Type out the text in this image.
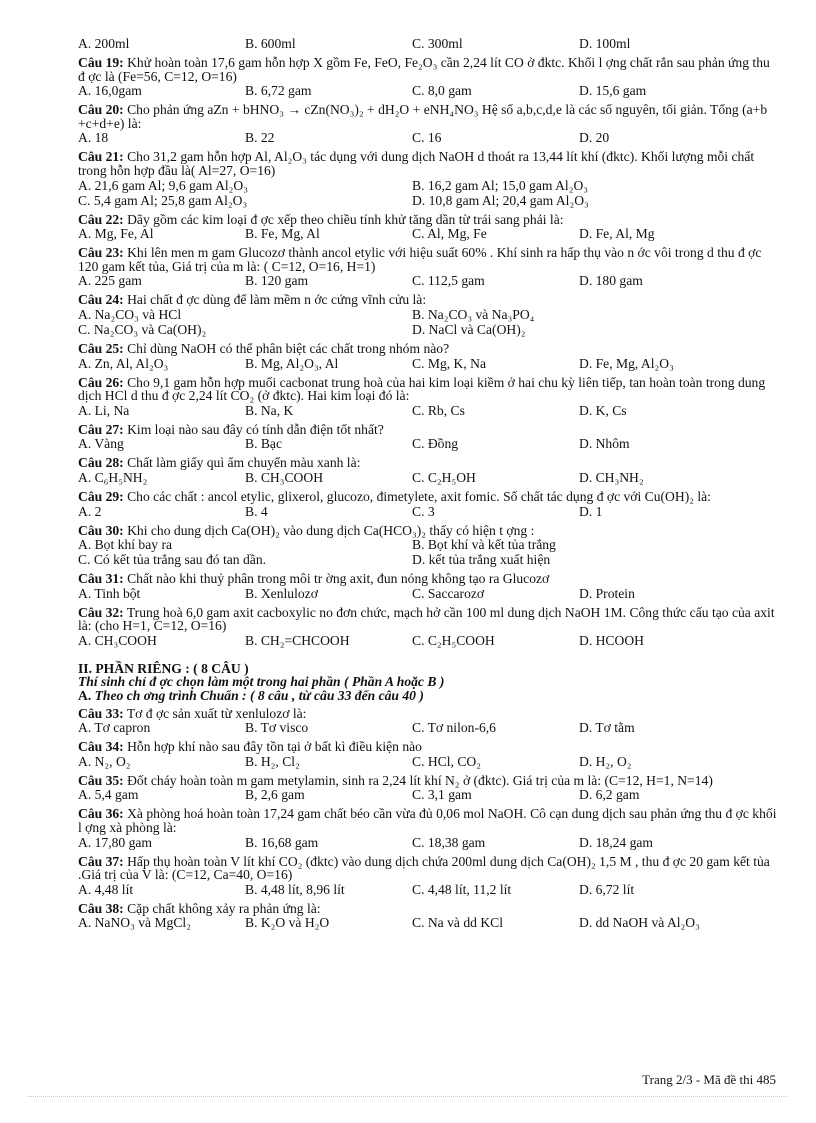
A. 200ml	B. 600ml	C. 300ml	D. 100ml
Câu 19: Khử hoàn toàn 17,6 gam hỗn hợp X gồm Fe, FeO, Fe₂O₃ cần 2,24 lít CO ở đktc. Khối l ợng chất rắn sau phản ứng thu đ ợc là (Fe=56, C=12, O=16)
A. 16,0gam	B. 6,72 gam	C. 8,0 gam	D. 15,6 gam
Câu 20: Cho phản ứng aZn + bHNO₃ → cZn(NO₃)₂ + dH₂O + eNH₄NO₃ Hệ số a,b,c,d,e là các số nguyên, tối giản. Tổng (a+b +c+d+e) là:
A. 18	B. 22	C. 16	D. 20
Câu 21: Cho 31,2 gam hỗn hợp Al, Al₂O₃ tác dụng với dung dịch NaOH d thoát ra 13,44 lít khí (đktc). Khối lượng mỗi chất trong hỗn hợp đầu là( Al=27, O=16)
A. 21,6 gam Al; 9,6 gam Al₂O₃	B. 16,2 gam Al; 15,0 gam Al₂O₃
C. 5,4 gam Al; 25,8 gam Al₂O₃	D. 10,8 gam Al; 20,4 gam Al₂O₃
Câu 22: Dãy gồm các kim loại đ ợc xếp theo chiều tính khử tăng dần từ trái sang phải là:
A. Mg, Fe, Al	B. Fe, Mg, Al	C. Al, Mg, Fe	D. Fe, Al, Mg
Câu 23: Khi lên men m gam Glucozơ thành ancol etylic với hiệu suất 60% . Khí sinh ra hấp thụ vào n ớc vôi trong d thu đ ợc 120 gam kết tủa, Giá trị của m là: ( C=12, O=16, H=1)
A. 225 gam	B. 120 gam	C. 112,5 gam	D. 180 gam
Câu 24: Hai chất đ ợc dùng để làm mềm n ớc cứng vĩnh cửu là:
A. Na₂CO₃ và HCl	B. Na₂CO₃ và Na₃PO₄
C. Na₂CO₃ và Ca(OH)₂	D. NaCl và Ca(OH)₂
Câu 25: Chỉ dùng NaOH có thể phân biệt các chất trong nhóm nào?
A. Zn, Al, Al₂O₃	B. Mg, Al₂O₃, Al	C. Mg, K, Na	D. Fe, Mg, Al₂O₃
Câu 26: Cho 9,1 gam hỗn hợp muối cacbonat trung hoà của hai kim loại kiềm ở hai chu kỳ liên tiếp, tan hoàn toàn trong dung dịch HCl d thu đ ợc 2,24 lít CO₂ (ở đktc). Hai kim loại đó là:
A. Li, Na	B. Na, K	C. Rb, Cs	D. K, Cs
Câu 27: Kim loại nào sau đây có tính dẫn điện tốt nhất?
A. Vàng	B. Bạc	C. Đồng	D. Nhôm
Câu 28: Chất làm giấy quì ẩm chuyển màu xanh là:
A. C₆H₅NH₂	B. CH₃COOH	C. C₂H₅OH	D. CH₃NH₂
Câu 29: Cho các chất : ancol etylic, glixerol, glucozo, đimetylete, axit fomic. Số chất tác dụng đ ợc với Cu(OH)₂ là:
A. 2	B. 4	C. 3	D. 1
Câu 30: Khi cho dung dịch Ca(OH)₂ vào dung dịch Ca(HCO₃)₂ thấy có hiện t ợng :
A. Bọt khí bay ra	B. Bọt khí và kết tủa trắng
C. Có kết tủa trắng sau đó tan dần.	D. kết tủa trắng xuất hiện
Câu 31: Chất nào khi thuỷ phân trong môi tr ờng axit, đun nóng không tạo ra Glucozơ
A. Tinh bột	B. Xenlulozơ	C. Saccarozơ	D. Protein
Câu 32: Trung hoà 6,0 gam axit cacboxylic no đơn chức, mạch hở cần 100 ml dung dịch NaOH 1M. Công thức cấu tạo của axit là: (cho H=1, C=12, O=16)
A. CH₃COOH	B. CH₂=CHCOOH	C. C₂H₅COOH	D. HCOOH
II. PHẦN RIÊNG : ( 8 CÂU )
Thí sinh chỉ đ ợc chọn làm một trong hai phần ( Phần A hoặc B )
A. Theo ch ơng trình Chuẩn : ( 8 câu , từ câu 33 đến câu 40 )
Câu 33: Tơ đ ợc sản xuất từ xenlulozơ là:
A. Tơ capron	B. Tơ visco	C. Tơ nilon-6,6	D. Tơ tằm
Câu 34: Hỗn hợp khí nào sau đây tồn tại ở bất kì điều kiện nào
A. N₂, O₂	B. H₂, Cl₂	C. HCl, CO₂	D. H₂, O₂
Câu 35: Đốt cháy hoàn toàn m gam metylamin, sinh ra 2,24 lít khí N₂ ở (đktc). Giá trị của m là: (C=12, H=1, N=14)
A. 5,4 gam	B, 2,6 gam	C. 3,1 gam	D. 6,2 gam
Câu 36: Xà phòng hoá hoàn toàn 17,24 gam chất béo cần vừa đủ 0,06 mol NaOH. Cô cạn dung dịch sau phản ứng thu đ ợc khối l ợng xà phòng là:
A. 17,80 gam	B. 16,68 gam	C. 18,38 gam	D. 18,24 gam
Câu 37: Hấp thụ hoàn toàn V lít khí CO₂ (đktc) vào dung dịch chứa 200ml dung dịch Ca(OH)₂ 1,5 M , thu đ ợc 20 gam kết tủa .Giá trị của V là: (C=12, Ca=40, O=16)
A. 4,48 lít	B. 4,48 lít, 8,96 lít	C. 4,48 lít, 11,2 lít	D. 6,72 lít
Câu 38: Cặp chất không xảy ra phản ứng là:
A. NaNO₃ và MgCl₂	B. K₂O và H₂O	C. Na và dd KCl	D. dd NaOH và Al₂O₃
Trang 2/3 - Mã đề thi 485
